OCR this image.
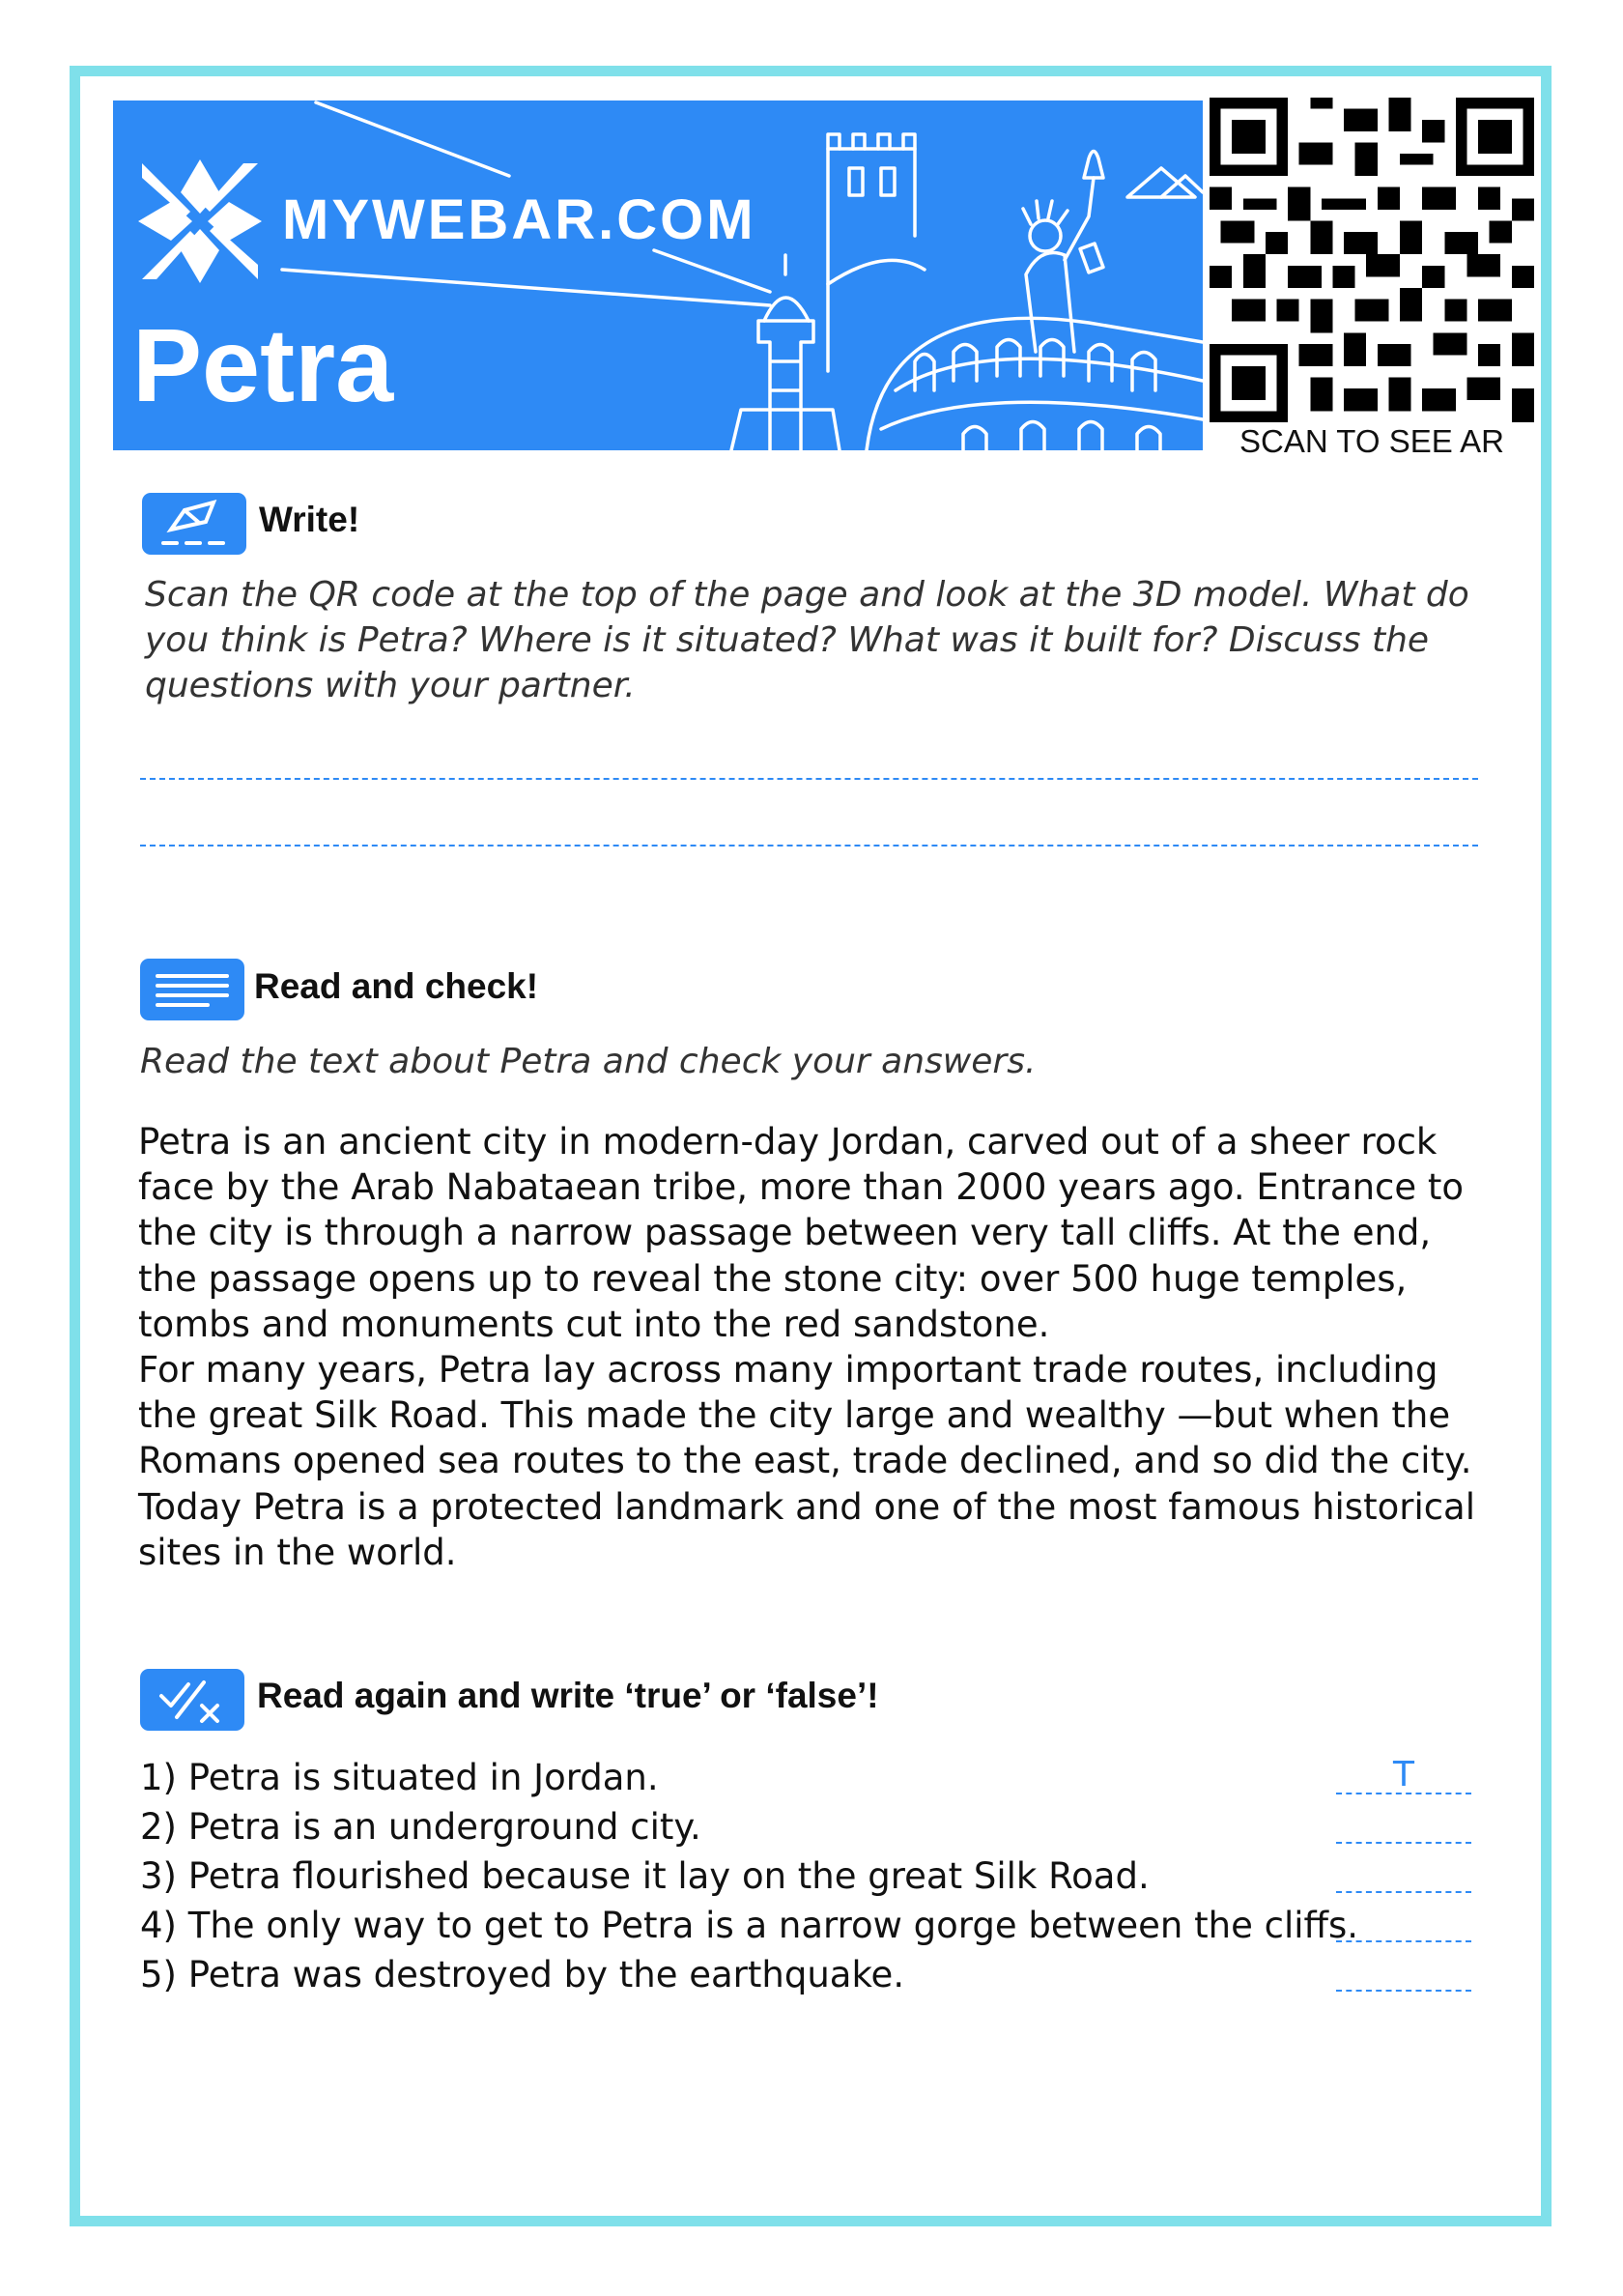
MYWEBAR.COM
Petra
SCAN TO SEE AR
Write!
Scan the QR code at the top of the page and look at the 3D model. What do you think is Petra? Where is it situated? What was it built for? Discuss the questions with your partner.
Read and check!
Read the text about Petra and check your answers.

Petra is an ancient city in modern-day Jordan, carved out of a sheer rock face by the Arab Nabataean tribe, more than 2000 years ago. Entrance to the city is through a narrow passage between very tall cliffs. At the end, the passage opens up to reveal the stone city: over 500 huge temples, tombs and monuments cut into the red sandstone.

For many years, Petra lay across many important trade routes, including the great Silk Road. This made the city large and wealthy —but when the Romans opened sea routes to the east, trade declined, and so did the city.

Today Petra is a protected landmark and one of the most famous historical sites in the world.

Read again and write ‘true’ or ‘false’!
1) Petra is situated in Jordan.	T
2) Petra is an underground city.
3) Petra flourished because it lay on the great Silk Road.
4) The only way to get to Petra is a narrow gorge between the cliffs.
5) Petra was destroyed by the earthquake.
